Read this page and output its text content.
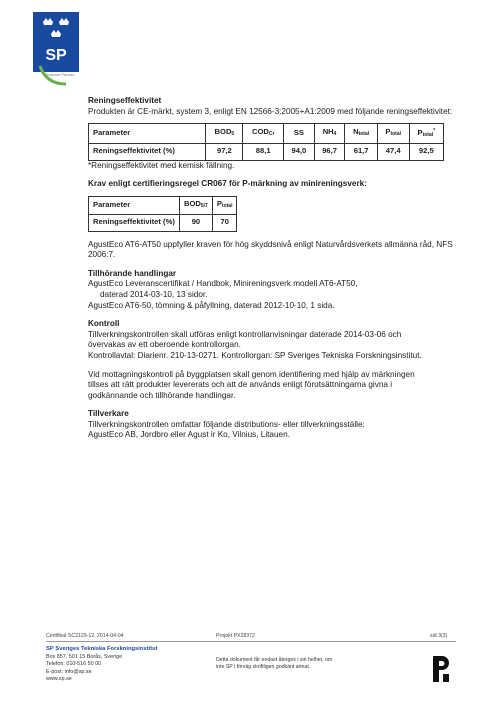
SP
Science Partner

Reningseffektivitet

Produkten är CE-märkt, system 3, enligt EN 12566-3:2005+A1:2009 med följande reningseffektivitet:

Parameter	$BOD_5$	$COD_{Cr}$	SS	$NH_4$	$N_{total}$	$P_{total}$	$P_{total}^*$
Reningseffektivitet (%)	97,2	88,1	94,0	96,7	61,7	47,4	92,5

*Reningseffektivitet med kemisk fällning.

Krav enligt certifieringsregel CR067 för P-märkning av minireningsverk:

Parameter	$BOD_{5/7}$	$P_{total}$
Reningseffektivitet (%)	90	70

AgustEco AT6-AT50 uppfyller kraven för hög skyddsnivå enligt Naturvårdsverkets allmänna råd, NFS 2006:7.

Tillhörande handlingar

AgustEco Leveranscertifikat / Handbok, Minireningsverk modell AT6-AT50,

daterad 2014-03-10, 13 sidor.

AgustEco AT6-50, tömning & påfyllning, daterad 2012-10-10, 1 sida.

Kontroll

Tillverkningskontrollen skall utföras enligt kontrollanvisningar daterade 2014-03-06 och

övervakas av ett oberoende kontrollorgan.

Kontrollavtal: Diarienr. 210-13-0271. Kontrollorgan: SP Sveriges Tekniska Forskningsinstitut.

Vid mottagningskontroll på byggplatsen skall genom identifiering med hjälp av märkningen

tillses att rätt produkter levererats och att de används enligt förutsättningarna givna i

godkännande och tillhörande handlingar.

Tillverkare

Tillverkningskontrollen omfattar följande distributions- eller tillverkningsställe:

AgustEco AB, Jordbro eller Agust ir Ko, Vilnius, Litauen.

Certifikat SC2129-12, 2014-04-04	Projekt PX28372	sid 3(3)
SP Sveriges Tekniska Forskningsinstitut
Box 857, 501 15 Borås, Sverige
Telefon: 010-516 50 00
E-post: info@sp.se
www.sp.se
Detta dokument får endast återges i sin helhet, om
inte SP i förväg skriftligen godkänt annat.
